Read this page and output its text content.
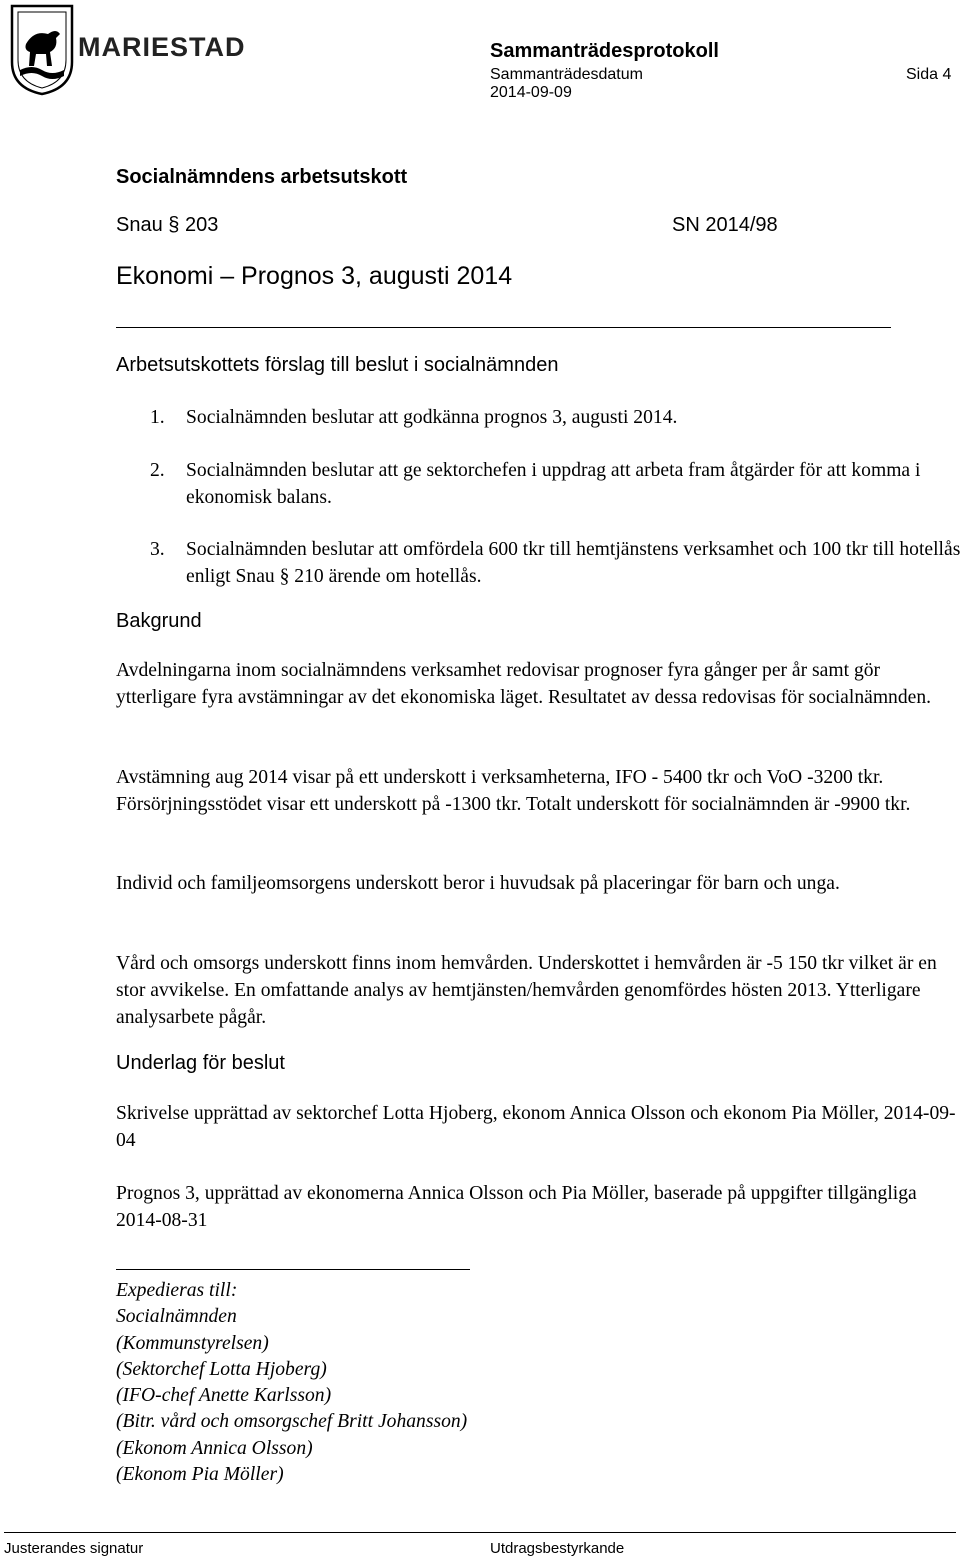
MARIESTAD	Sammanträdesprotokoll
Sammanträdesdatum
2014-09-09
Sida 4
Socialnämndens arbetsutskott
Snau § 203	SN 2014/98
Ekonomi – Prognos 3, augusti 2014
Arbetsutskottets förslag till beslut i socialnämnden
1. Socialnämnden beslutar att godkänna prognos 3, augusti 2014.
2. Socialnämnden beslutar att ge sektorchefen i uppdrag att arbeta fram åtgärder för att komma i ekonomisk balans.
3. Socialnämnden beslutar att omfördela 600 tkr till hemtjänstens verksamhet och 100 tkr till hotellås enligt Snau § 210 ärende om hotellås.
Bakgrund
Avdelningarna inom socialnämndens verksamhet redovisar prognoser fyra gånger per år samt gör ytterligare fyra avstämningar av det ekonomiska läget. Resultatet av dessa redovisas för socialnämnden.
Avstämning aug 2014 visar på ett underskott i verksamheterna, IFO - 5400 tkr och VoO -3200 tkr. Försörjningsstödet visar ett underskott på -1300 tkr. Totalt underskott för socialnämnden är -9900 tkr.
Individ och familjeomsorgens underskott beror i huvudsak på placeringar för barn och unga.
Vård och omsorgs underskott finns inom hemvården. Underskottet i hemvården är -5 150 tkr vilket är en stor avvikelse. En omfattande analys av hemtjänsten/hemvården genomfördes hösten 2013. Ytterligare analysarbete pågår.
Underlag för beslut
Skrivelse upprättad av sektorchef Lotta Hjoberg, ekonom Annica Olsson och ekonom Pia Möller, 2014-09-04
Prognos 3, upprättad av ekonomerna Annica Olsson och Pia Möller, baserade på uppgifter tillgängliga 2014-08-31
Expedieras till:
Socialnämnden
(Kommunstyrelsen)
(Sektorchef Lotta Hjoberg)
(IFO-chef Anette Karlsson)
(Bitr. vård och omsorgschef Britt Johansson)
(Ekonom Annica Olsson)
(Ekonom Pia Möller)
Justerandes signatur	Utdragsbestyrkande
